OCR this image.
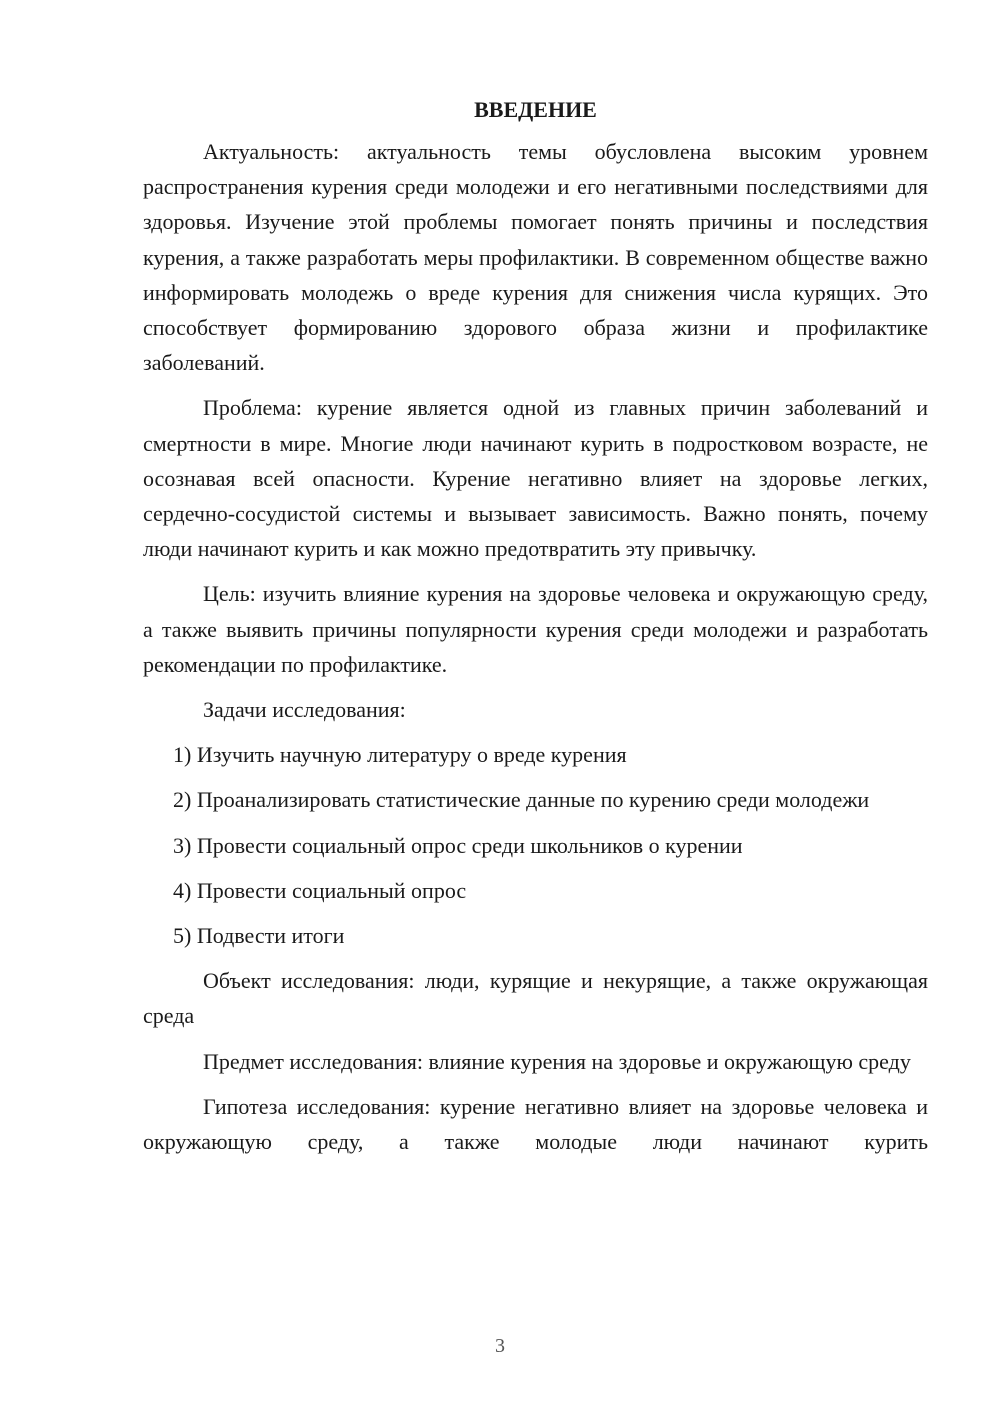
ВВЕДЕНИЕ

Актуальность: актуальность темы обусловлена высоким уровнем распространения курения среди молодежи и его негативными последствиями для здоровья. Изучение этой проблемы помогает понять причины и последствия курения, а также разработать меры профилактики. В современном обществе важно информировать молодежь о вреде курения для снижения числа курящих. Это способствует формированию здорового образа жизни и профилактике заболеваний.

Проблема: курение является одной из главных причин заболеваний и смертности в мире. Многие люди начинают курить в подростковом возрасте, не осознавая всей опасности. Курение негативно влияет на здоровье легких, сердечно-сосудистой системы и вызывает зависимость. Важно понять, почему люди начинают курить и как можно предотвратить эту привычку.

Цель: изучить влияние курения на здоровье человека и окружающую среду, а также выявить причины популярности курения среди молодежи и разработать рекомендации по профилактике.

Задачи исследования:

1) Изучить научную литературу о вреде курения
2) Проанализировать статистические данные по курению среди молодежи
3) Провести социальный опрос среди школьников о курении
4) Провести социальный опрос
5) Подвести итоги

Объект исследования: люди, курящие и некурящие, а также окружающая среда

Предмет исследования: влияние курения на здоровье и окружающую среду

Гипотеза исследования: курение негативно влияет на здоровье человека и окружающую среду, а также молодые люди начинают курить

3
